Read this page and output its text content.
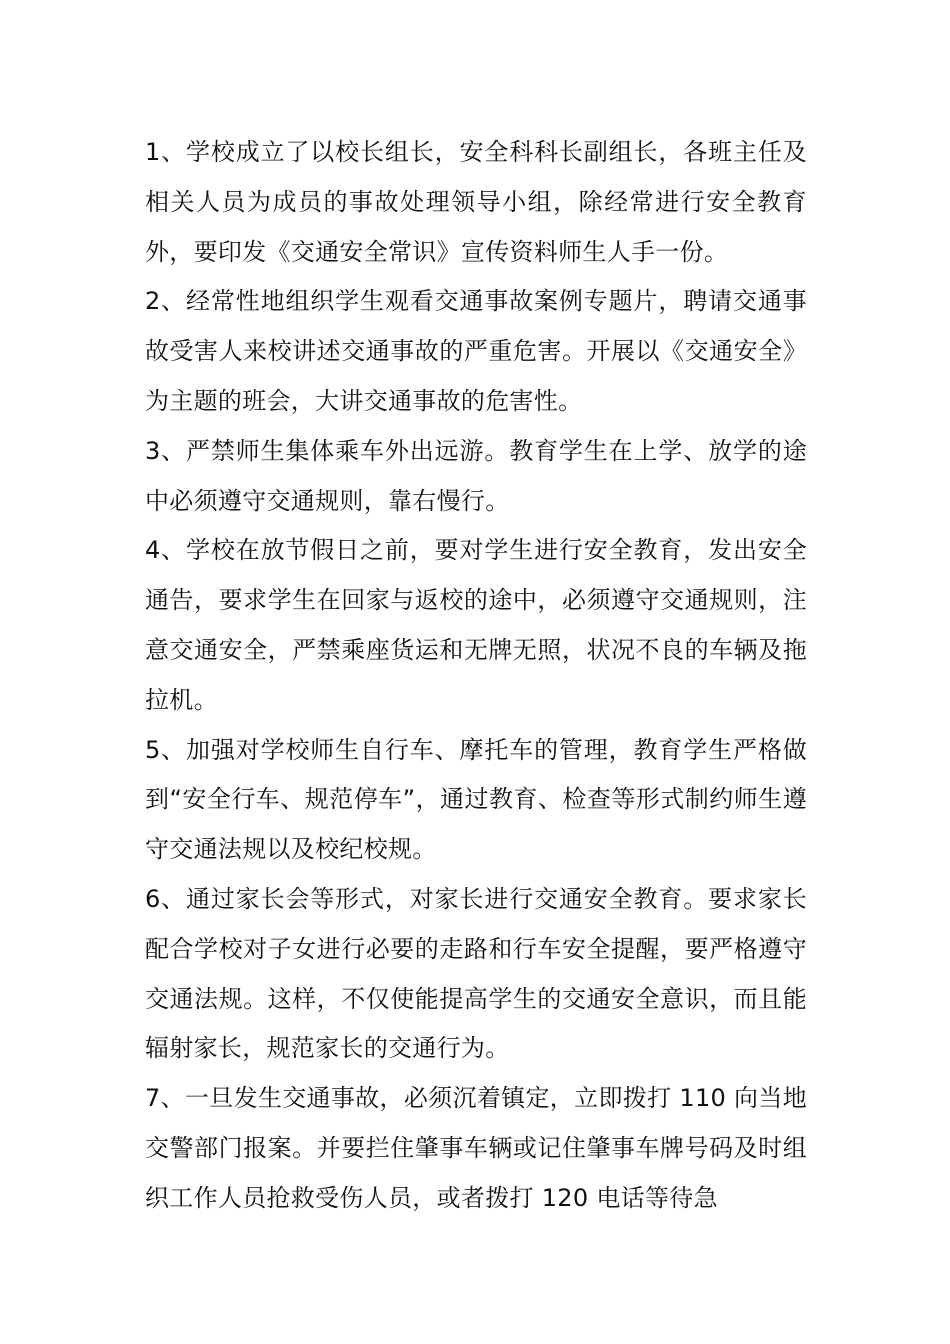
1、学校成立了以校长组长，安全科科长副组长，各班主任及相关人员为成员的事故处理领导小组，除经常进行安全教育外，要印发《交通安全常识》宣传资料师生人手一份。

2、经常性地组织学生观看交通事故案例专题片，聘请交通事故受害人来校讲述交通事故的严重危害。开展以《交通安全》为主题的班会，大讲交通事故的危害性。

3、严禁师生集体乘车外出远游。教育学生在上学、放学的途中必须遵守交通规则，靠右慢行。

4、学校在放节假日之前，要对学生进行安全教育，发出安全通告，要求学生在回家与返校的途中，必须遵守交通规则，注意交通安全，严禁乘座货运和无牌无照，状况不良的车辆及拖拉机。

5、加强对学校师生自行车、摩托车的管理，教育学生严格做到“安全行车、规范停车”，通过教育、检查等形式制约师生遵守交通法规以及校纪校规。

6、通过家长会等形式，对家长进行交通安全教育。要求家长配合学校对子女进行必要的走路和行车安全提醒，要严格遵守交通法规。这样，不仅使能提高学生的交通安全意识，而且能辐射家长，规范家长的交通行为。

7、一旦发生交通事故，必须沉着镇定，立即拨打 110 向当地交警部门报案。并要拦住肇事车辆或记住肇事车牌号码及时组织工作人员抢救受伤人员，或者拨打 120 电话等待急
